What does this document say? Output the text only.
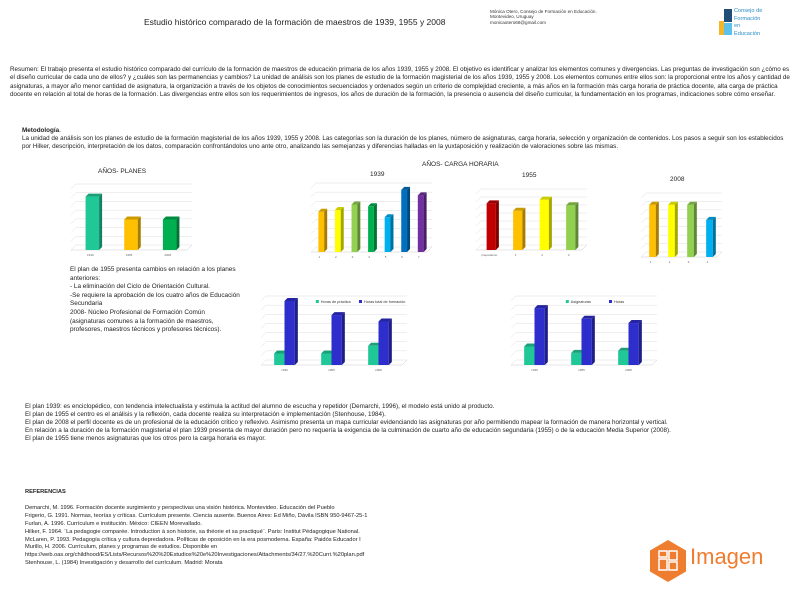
Estudio histórico comparado de la formación de maestros de 1939, 1955 y 2008
Mónica Otero, Consejo de Formación en Educación.
Montevideo, Uruguay
monicaotero68@gmail.com
Consejo de
Formación en
Educación
Resumen: El trabajo presenta el estudio histórico comparado del currículo de la formación de maestros de educación primaria de los años 1939, 1955 y 2008. El objetivo es identificar y analizar los elementos comunes y divergencias. Las preguntas de investigación son ¿cómo es el diseño curricular de cada uno de ellos? y ¿cuáles son las permanencias y cambios? La unidad de análisis son los planes de estudio de la formación magisterial de los años 1939, 1955 y 2008. Los elementos comunes entre ellos son: la proporcional entre los años y cantidad de asignaturas, a mayor año menor cantidad de asignatura, la organización a través de los objetos de conocimientos secuenciados y ordenados según un criterio de complejidad creciente, a más años en la formación más carga horaria de práctica docente, alta carga de práctica docente en relación al total de horas de la formación. Las divergencias entre ellos son los requerimientos de ingresos, los años de duración de la formación, la presencia o ausencia del diseño curricular, la fundamentación en los programas, indicaciones sobre cómo enseñar.
Metodología.
La unidad de análisis son los planes de estudio de la formación magisterial de los años 1939, 1955 y 2008. Las categorías son la duración de los planes, número de asignaturas, carga horaria, selección y organización de contenidos. Los pasos a seguir son los establecidos por Hilker, descripción, interpretación de los datos, comparación confrontándolos uno ante otro, analizando las semejanzas y diferencias halladas en la yuxtaposición y realización de valoraciones sobre las mismas.
AÑOS- CARGA HORARIA
AÑOS- PLANES	1939	1955
2008
1939	1955	2008	1	2	3	4	5	6	7	preparatorio	1	2	3
1	2	3	4
1939	1955	2008
Horas de práctica	Horas total de formación
1939	1955	2008
Asignaturas	Horas
El plan de 1955 presenta cambios en relación a los planes anteriores:
- La eliminación del Ciclo de Orientación Cultural.
-Se requiere la aprobación de los cuatro años de Educación Secundaria
2008- Núcleo Profesional de Formación Común (asignaturas comunes a la formación de maestros, profesores, maestros técnicos y profesores técnicos).
El plan 1939: es enciclopédico, con tendencia intelectualista y estimula la actitud del alumno de escucha y repetidor (Demarchi, 1996), el modelo está unido al producto.
El plan de 1955 el centro es el análisis y la reflexión, cada docente realiza su interpretación e implementación (Stenhouse, 1984).
El plan de 2008 el perfil docente es de un profesional de la educación crítico y reflexivo. Asimismo presenta un mapa curricular evidenciando las asignaturas por año permitiendo mapear la formación de manera horizontal y vertical.
En relación a la duración de la formación magisterial el plan 1939 presenta de mayor duración pero no requería la exigencia de la culminación de cuarto año de educación segundaria (1955) o de la educación Media Superior (2008).
El plan de 1955 tiene menos asignaturas que los otros pero la carga horaria es mayor.
REFERENCIAS
Demarchi, M. 1996. Formación docente surgimiento y perspectivas una visión histórica. Montevideo. Educación del Pueblo
Frigerio, G. 1991. Normas, teorías y críticas. Currículum presente. Ciencia ausente. Buenos Aires: Ed Miño, Dávila ISBN 950-9467-25-1
Furlan, A. 1996. Currículum e institución. México: CIEEN Morevallado.
Hilker, F. 1964. ¨La pedagogie comparée. Introduction à son historie, sa théorie et sa practiqué¨. Paris: Institut Pédagogique National.
McLaren, P. 1993. Pedagogía crítica y cultura depredadora. Políticas de oposición en la era posmoderna. España: Paidós Educador I
Murillo, H. 2006. Currículum, planes y programas de estudios. Disponible en
https://web.oas.org/childhood/ES/Lists/Recursos%20%20Estudios%20e%20Investigaciones/Attachments/34/27.%20Curri.%20plan.pdf
Stenhouse, L. (1984) Investigación y desarrollo del currículum. Madrid: Morata	Imagen
